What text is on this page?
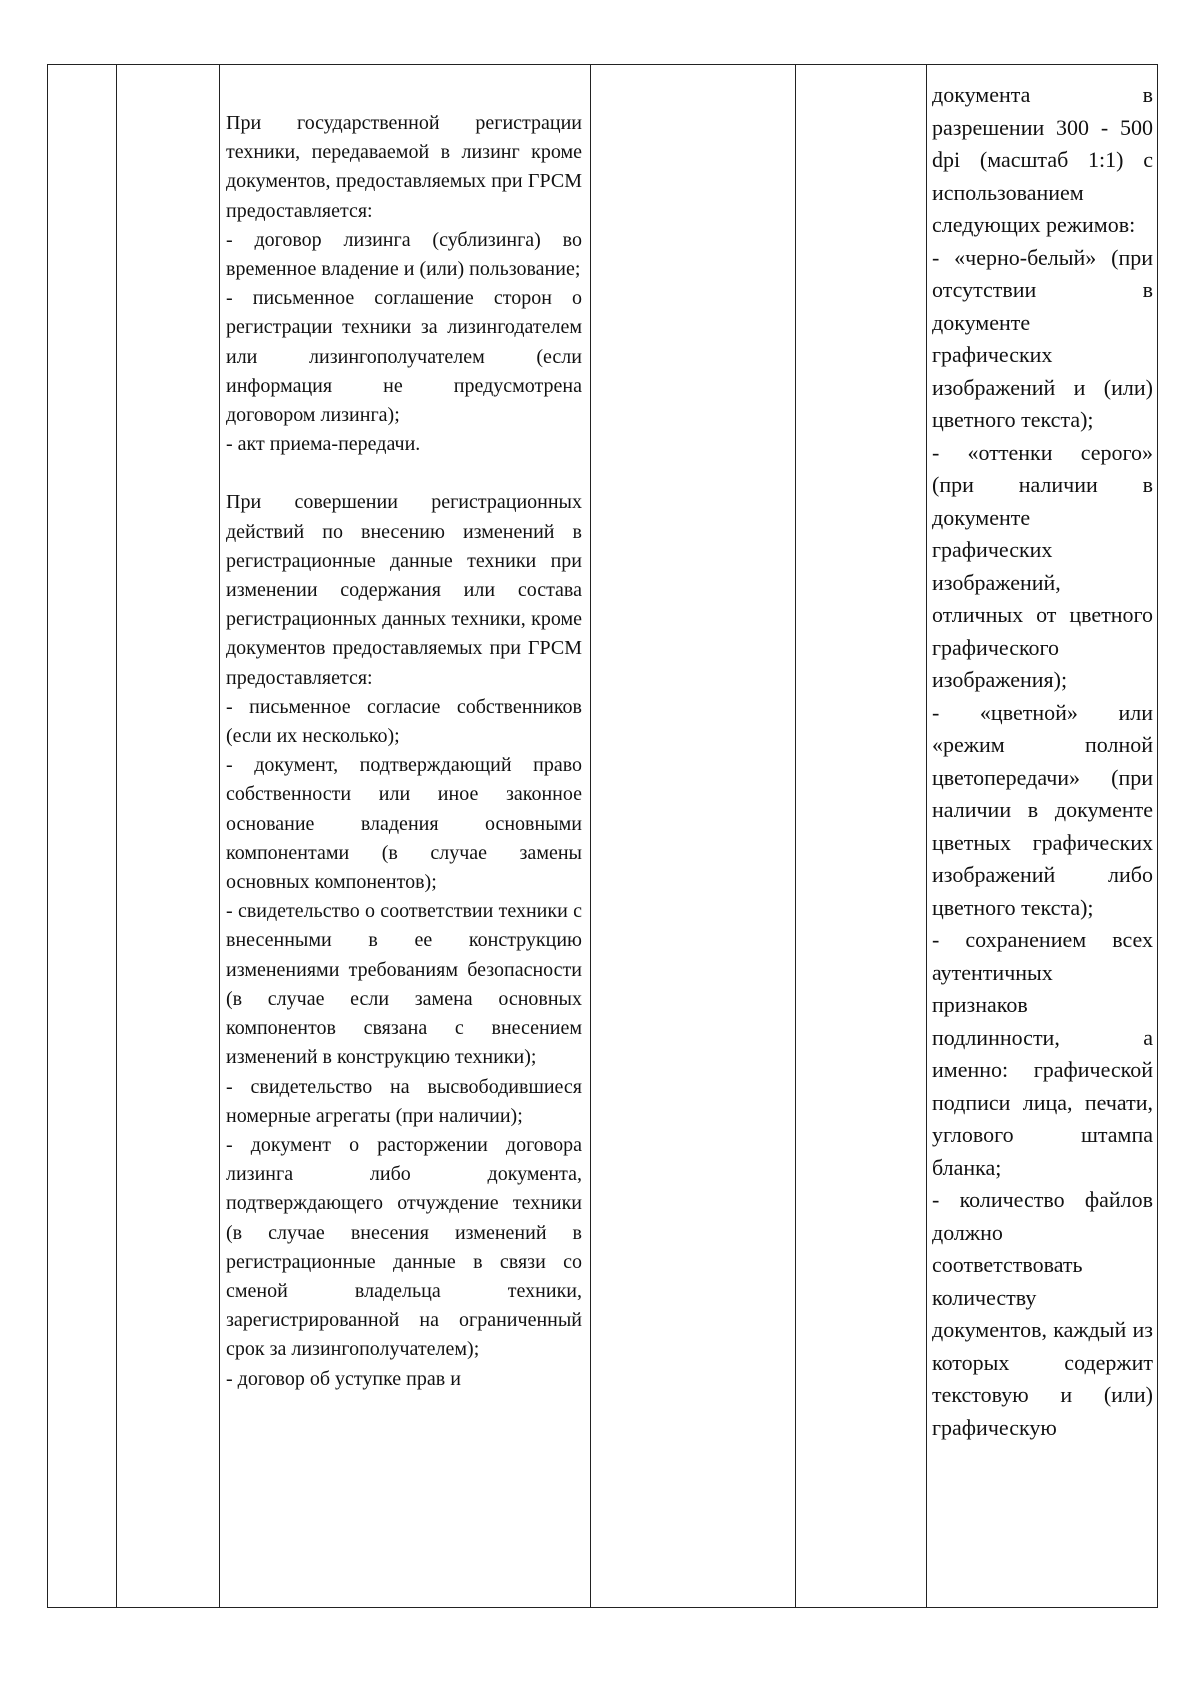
При государственной регистрации техники, передаваемой в лизинг кроме документов, предоставляемых при ГРСМ предоставляется:

- договор лизинга (сублизинга) во временное владение и (или) пользование;

- письменное соглашение сторон о регистрации техники за лизингодателем или лизингополучателем (если информация не предусмотрена договором лизинга);

- акт приема-передачи.

При совершении регистрационных действий по внесению изменений в регистрационные данные техники при изменении содержания или состава регистрационных данных техники, кроме документов предоставляемых при ГРСМ предоставляется:

- письменное согласие собственников (если их несколько);

- документ, подтверждающий право собственности или иное законное основание владения основными компонентами (в случае замены основных компонентов);

- свидетельство о соответствии техники с внесенными в ее конструкцию изменениями требованиям безопасности (в случае если замена основных компонентов связана с внесением изменений в конструкцию техники);

- свидетельство на высвободившиеся номерные агрегаты (при наличии);

- документ о расторжении договора лизинга либо документа, подтверждающего отчуждение техники (в случае внесения изменений в регистрационные данные в связи со сменой владельца техники, зарегистрированной на ограниченный срок за лизингополучателем);

- договор об уступке прав и

документа в разрешении 300 - 500 dpi (масштаб 1:1) с использованием следующих режимов:

- «черно-белый» (при отсутствии в документе графических изображений и (или) цветного текста);

- «оттенки серого» (при наличии в документе графических изображений, отличных от цветного графического изображения);

- «цветной» или «режим полной цветопередачи» (при наличии в документе цветных графических изображений либо цветного текста);

- сохранением всех аутентичных признаков подлинности, а именно: графической подписи лица, печати, углового штампа бланка;

- количество файлов должно соответствовать количеству документов, каждый из которых содержит текстовую и (или) графическую
